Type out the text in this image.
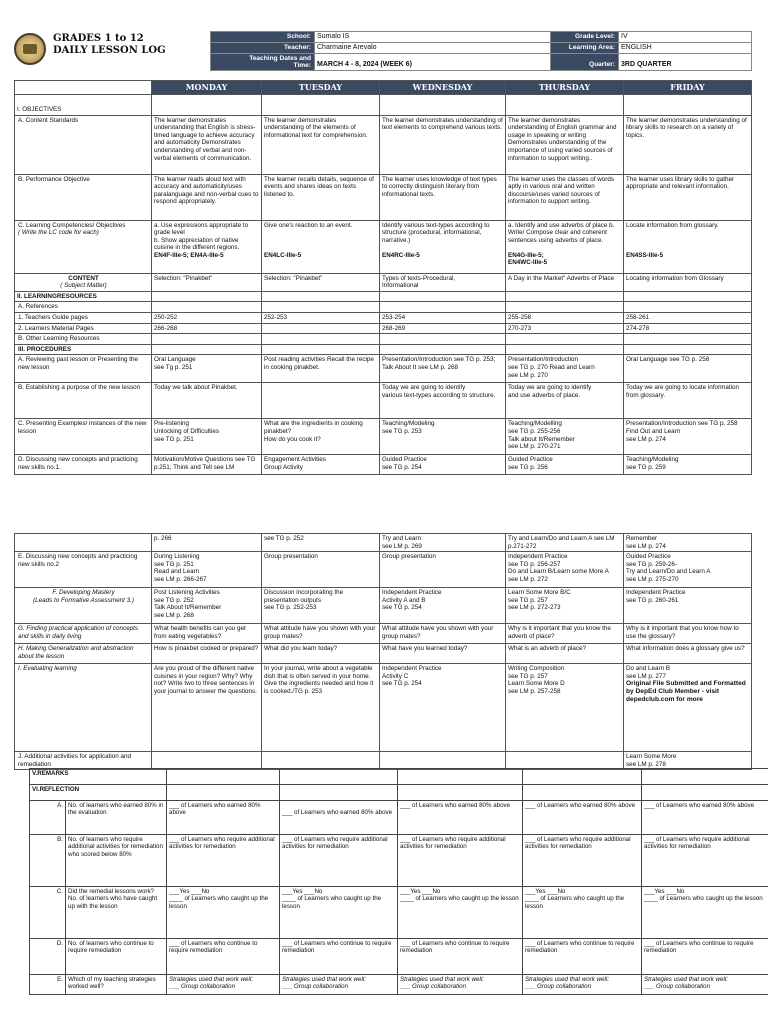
GRADES 1 to 12
DAILY LESSON LOG
School:	Sumalo IS	Grade Level:	IV
Teacher:	Charmaine Arevalo	Learning Area:	ENGLISH

Teaching Dates and
Time:	MARCH 4 - 8, 2024 (WEEK 6)	Quarter:	3RD QUARTER
	MONDAY	TUESDAY	WEDNESDAY	THURSDAY	FRIDAY

I. OBJECTIVES					

A. Content Standards	The learner demonstrates understanding that English is stress-timed language to achieve accuracy and automaticity Demonstrates understanding of verbal and non-verbal elements of communication.	The learner demonstrates understanding of the elements of informational text for comprehension.	The learner demonstrates understanding of text elements to comprehend various texts.	The learner demonstrates understanding of English grammar and usage in speaking or writing Demonstrates understanding of the importance of using varied sources of information to support writing..	The learner demonstrates understanding of library skills to research on a variety of topics.
B. Performance Objective	The learner reads aloud text with accuracy and automaticity/uses paralanguage and non-verbal cues to respond appropriately.	The learner recalls details, sequence of events and shares ideas on texts listened to.	The learner uses knowledge of text types to correctly distinguish literary from informational texts.	The learner uses the classes of words aptly in various oral and written discourse/uses varied sources of information to support writing.	The learner uses library skills to gather appropriate and relevant information.

C. Learning Competencies/ Objectives
( Write the LC code for each)	a. Use expressions appropriate to grade level
b. Show appreciation of native cuisine in the different regions.
EN4F-IIIe-5; EN4A-IIIe-5	Give one's reaction to an event.
EN4LC-IIIe-5	Identify various text-types according to structure (procedural, informational, narrative.)
EN4RC-IIIe-5	a. Identify and use adverbs of place b. Write/ Compose clear and coherent sentences using adverbs of place.
EN4G-IIIe-5;
EN4WC-IIIe-5	Locate information from glossary.
EN4SS-IIIe-5

CONTENT
( Subject Matter)	Selection: "Pinakbet"	Selection: "Pinakbet"	Types of texts-Procedural,
Informational	A Day in the Market" Adverbs of Place	Locating information from Glossary
II. LEARNINGRESOURCES					
A. References					
1. Teachers Guide pages	250-252	252-253	253-254	255-258	258-261
2. Learners Material Pages	266-268		268-269	270-273	274-278
B. Other Learning Resources					
III. PROCEDURES					
A. Reviewing past lesson or Presenting the new lesson	Oral Language
see Tg p. 251	Post reading activities Recall the recipe in cooking pinakbet.	Presentation/Introduction see TG p. 253; Talk About It see LM p. 268	Presentation/Introduction
see TG p. 270 Read and Learn
see LM p. 270	Oral Language see TG p. 258
B. Establishing a purpose of the new lesson	Today we talk about Pinakbet.		Today we are going to identify
various text-types according to structure.	Today we are going to identify
and use adverbs of place.	Today we are going to locate information from glossary.
C. Presenting Examples/ instances of the new lesson	Pre-listening
Unlocking of Difficulties
see TG p. 251	What are the ingredients in cooking pinakbet?
How do you cook it?	Teaching/Modeling
see TG p. 253	Teaching/Modelling
see TG p. 255-256
Talk about It/Remember
see LM p. 270-271	Presentation/Introduction see TG p. 258
Find Out and Learn
see LM p. 274
D. Discussing new concepts and practicing new skills no.1.	Motivation/Motive Questions see TG p.251; Think and Tell see LM	Engagement Activities
Group Activity	Guided Practice
see TG p. 254	Guided Practice
see TG p. 256	Teaching/Modeling
see TG p. 259
	p. 266	see TG p. 252	Try and Learn
see LM p. 269	Try and Learn/Do and Learn A see LM p.271-272	Remember
see LM p. 274
E. Discussing new concepts and practicing new skills no.2	During Listening
see TG p. 251
Read and Learn
see LM p. 266-267	Group presentation	Group presentation	Independent Practice
see TG p. 256-257
Do and Learn B/Learn some More A
see LM p. 272	Guided Practice
see TG p. 259-26-
Try and Learn/Do and Learn A
see LM p. 275-270

F. Developing Mastery
(Leads to Formative Assessment 3.)	Post Listening Activities
see TG p. 252
Talk About It/Remember
see LM p. 268	Discussion incorporating the presentation outputs
see TG p. 252-253	Independent Practice
Activity A and B
see TG p. 254	Learn Some More B/C
see TG p. 257
see LM p. 272-273	Independent Practice
see TG p. 260-261
G. Finding practical application of concepts and skills in daily living	What health benefits can you get from eating vegetables?	What attitude have you shown with your group mates?	What attitude have you shown with your group mates?	Why is it important that you know the adverb of place?	Why is it important that you know how to use the glossary?
H. Making Generalization and abstraction about the lesson	How is pinakbet cooked or prepared?	What did you learn today?	What have you learned today?	What is an adverb of place?	What information does a glossary give us?
I. Evaluating learning	Are you proud of the different native cuisines in your region? Why? Why not? Write two to three sentences in your journal to answer the questions.	In your journal, write about a vegetable dish that is often served in your home. Give the ingredients needed and how it is cooked./TG p. 253	Independent Practice
Activity C
see TG p. 254	Writing Composition
see TG p. 257
Learn Some More D
see LM p. 257-258	Do and Learn B
see LM p. 277
Original File Submitted and Formatted by DepEd Club Member - visit depedclub.com for more

J. Additional activities for application and remediation					Learn Some More
see LM p. 278
V.REMARKS						
VI.REFLECTION						
A.	No. of learners who earned 80% in the evaluation	___ of Learners who earned 80% above	___ of Learners who earned 80% above	___ of Learners who earned 80% above	___ of Learners who earned 80% above	___ of Learners who earned 80% above
B.	No. of learners who require additional activities for remediation who scored below 80%	___ of Learners who require additional activities for remediation	___ of Learners who require additional activities for remediation	___ of Learners who require additional activities for remediation	___ of Learners who require additional activities for remediation	___ of Learners who require additional activities for remediation
C.	Did the remedial lessons work? No. of learners who have caught up with the lesson	___Yes ___No
____ of Learners who caught up the lesson	___Yes ___No
____ of Learners who caught up the lesson	___Yes ___No
____ of Learners who caught up the lesson	___Yes ___No
____ of Learners who caught up the lesson	___Yes ___No
____ of Learners who caught up the lesson
D.	No. of learners who continue to require remediation	___ of Learners who continue to require remediation	___ of Learners who continue to require remediation	___ of Learners who continue to require remediation	___ of Learners who continue to require remediation	___ of Learners who continue to require remediation
E.	Which of my teaching strategies worked well?	Strategies used that work well:
___ Group collaboration	Strategies used that work well:
___ Group collaboration	Strategies used that work well:
___ Group collaboration	Strategies used that work well:
___ Group collaboration	Strategies used that work well:
___ Group collaboration
